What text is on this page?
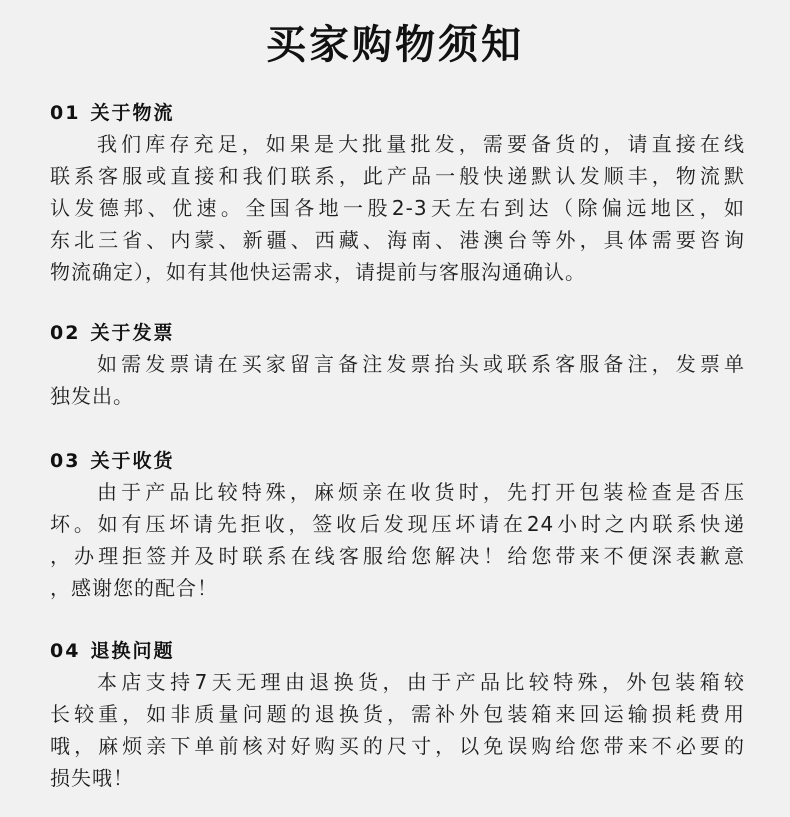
买家购物须知
01 关于物流
我们库存充足，如果是大批量批发，需要备货的，请直接在线
联系客服或直接和我们联系，此产品一般快递默认发顺丰，物流默
认发德邦、优速。全国各地一股2-3天左右到达（除偏远地区，如
东北三省、内蒙、新疆、西藏、海南、港澳台等外，具体需要咨询
物流确定），如有其他快运需求，请提前与客服沟通确认。
02 关于发票
如需发票请在买家留言备注发票抬头或联系客服备注，发票单
独发出。
03 关于收货
由于产品比较特殊，麻烦亲在收货时，先打开包装检查是否压
坏。如有压坏请先拒收，签收后发现压坏请在24小时之内联系快递
，办理拒签并及时联系在线客服给您解决！给您带来不便深表歉意
，感谢您的配合！
04 退换问题
本店支持7天无理由退换货，由于产品比较特殊，外包装箱较
长较重，如非质量问题的退换货，需补外包装箱来回运输损耗费用
哦，麻烦亲下单前核对好购买的尺寸，以免误购给您带来不必要的
损失哦！
